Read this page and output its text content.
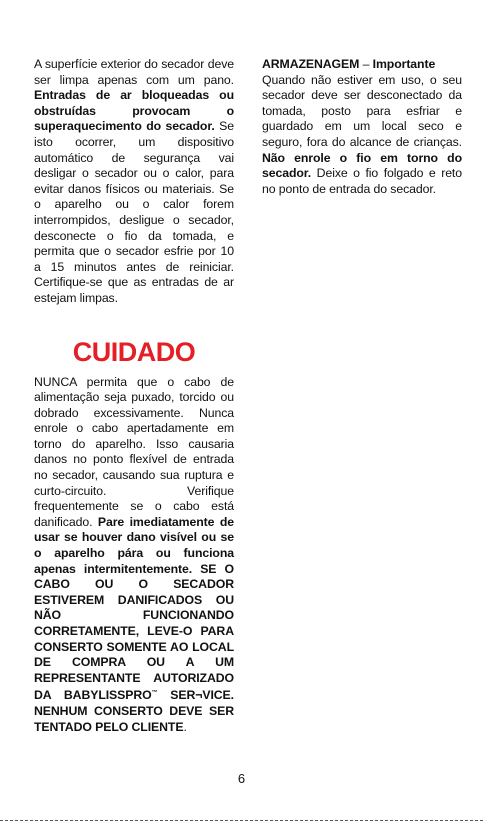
A superfície exterior do secador deve ser limpa apenas com um pano. Entradas de ar bloqueadas ou obstruídas provocam o superaquecimento do secador. Se isto ocorrer, um dispositivo automático de segurança vai desligar o secador ou o calor, para evitar danos físicos ou materiais. Se o aparelho ou o calor forem interrompidos, desligue o secador, desconecte o fio da tomada, e permita que o secador esfrie por 10 a 15 minutos antes de reiniciar. Certifique-se que as entradas de ar estejam limpas.

CUIDADO

NUNCA permita que o cabo de alimentação seja puxado, torcido ou dobrado excessivamente. Nunca enrole o cabo apertadamente em torno do aparelho. Isso causaria danos no ponto flexível de entrada no secador, causando sua ruptura e curto-circuito. Verifique frequentemente se o cabo está danificado. Pare imediatamente de usar se houver dano visível ou se o aparelho pára ou funciona apenas intermitentemente. SE O CABO OU O SECADOR ESTIVEREM DANIFICADOS OU NÃO FUNCIONANDO CORRETAMENTE, LEVE-O PARA CONSERTO SOMENTE AO LOCAL DE COMPRA OU A UM REPRESENTANTE AUTORIZADO DA BABYLISSPRO™ SER¬VICE. NENHUM CONSERTO DEVE SER TENTADO PELO CLIENTE.

ARMAZENAGEM – Importante

Quando não estiver em uso, o seu secador deve ser desconectado da tomada, posto para esfriar e guardado em um local seco e seguro, fora do alcance de crianças. Não enrole o fio em torno do secador. Deixe o fio folgado e reto no ponto de entrada do secador.

6
